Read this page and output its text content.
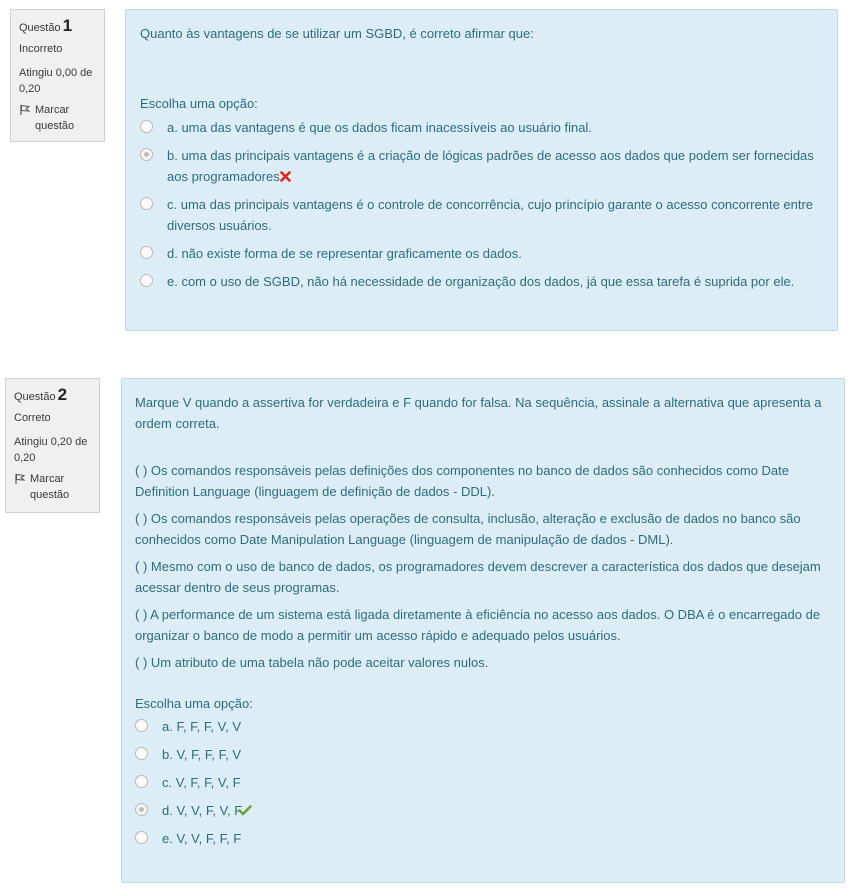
Questão 1
Incorreto
Atingiu 0,00 de 0,20
Marcar questão
Quanto às vantagens de se utilizar um SGBD, é correto afirmar que:
Escolha uma opção:
a. uma das vantagens é que os dados ficam inacessíveis ao usuário final.
b. uma das principais vantagens é a criação de lógicas padrões de acesso aos dados que podem ser fornecidas aos programadores
c. uma das principais vantagens é o controle de concorrência, cujo princípio garante o acesso concorrente entre diversos usuários.
d. não existe forma de se representar graficamente os dados.
e. com o uso de SGBD, não há necessidade de organização dos dados, já que essa tarefa é suprida por ele.
Questão 2
Correto
Atingiu 0,20 de 0,20
Marcar questão
Marque V quando a assertiva for verdadeira e F quando for falsa. Na sequência, assinale a alternativa que apresenta a ordem correta.
( ) Os comandos responsáveis pelas definições dos componentes no banco de dados são conhecidos como Date Definition Language (linguagem de definição de dados - DDL).
( ) Os comandos responsáveis pelas operações de consulta, inclusão, alteração e exclusão de dados no banco são conhecidos como Date Manipulation Language (linguagem de manipulação de dados - DML).
( ) Mesmo com o uso de banco de dados, os programadores devem descrever a característica dos dados que desejam acessar dentro de seus programas.
( ) A performance de um sistema está ligada diretamente à eficiência no acesso aos dados. O DBA é o encarregado de organizar o banco de modo a permitir um acesso rápido e adequado pelos usuários.
( ) Um atributo de uma tabela não pode aceitar valores nulos.
Escolha uma opção:
a. F, F, F, V, V
b. V, F, F, F, V
c. V, F, F, V, F
d. V, V, F, V, F
e. V, V, F, F, F
